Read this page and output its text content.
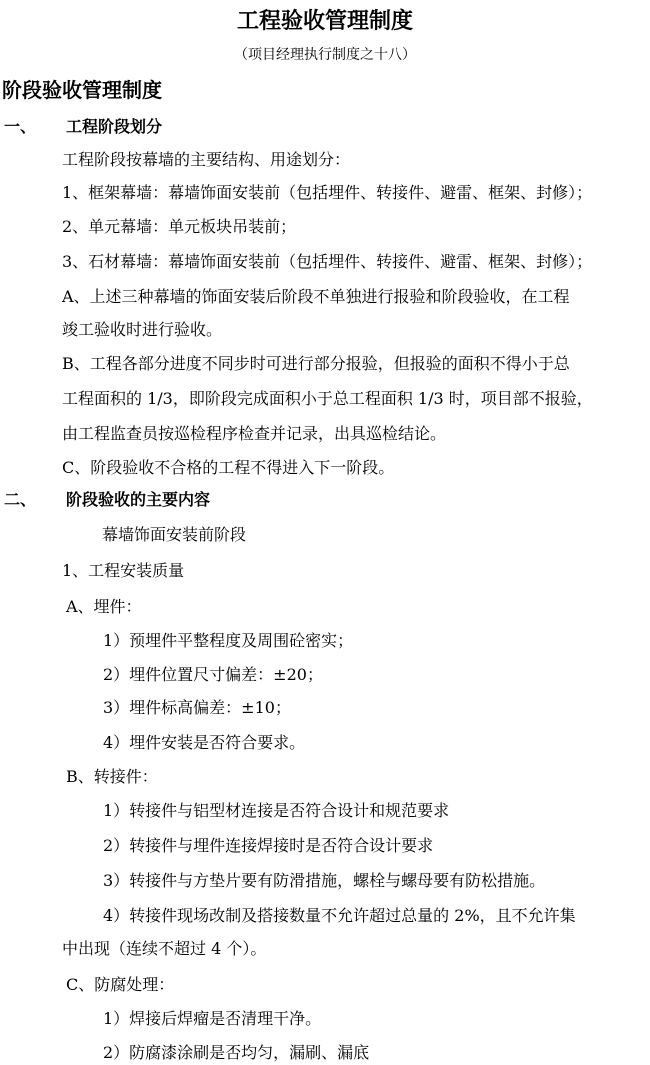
工程验收管理制度
（项目经理执行制度之十八）
阶段验收管理制度
一、 工程阶段划分
工程阶段按幕墙的主要结构、用途划分：
1、框架幕墙：幕墙饰面安装前（包括埋件、转接件、避雷、框架、封修）；
2、单元幕墙：单元板块吊装前；
3、石材幕墙：幕墙饰面安装前（包括埋件、转接件、避雷、框架、封修）；
A、上述三种幕墙的饰面安装后阶段不单独进行报验和阶段验收，在工程
竣工验收时进行验收。
B、工程各部分进度不同步时可进行部分报验，但报验的面积不得小于总
工程面积的 1/3，即阶段完成面积小于总工程面积 1/3 时，项目部不报验，
由工程监查员按巡检程序检查并记录，出具巡检结论。
C、阶段验收不合格的工程不得进入下一阶段。
二、 阶段验收的主要内容
幕墙饰面安装前阶段
1、工程安装质量
A、埋件：
1）预埋件平整程度及周围砼密实；
2）埋件位置尺寸偏差：±20；
3）埋件标高偏差：±10；
4）埋件安装是否符合要求。
B、转接件：
1）转接件与铝型材连接是否符合设计和规范要求
2）转接件与埋件连接焊接时是否符合设计要求
3）转接件与方垫片要有防滑措施，螺栓与螺母要有防松措施。
4）转接件现场改制及搭接数量不允许超过总量的 2%，且不允许集
中出现（连续不超过 4 个）。
C、防腐处理：
1）焊接后焊瘤是否清理干净。
2）防腐漆涂刷是否均匀，漏刷、漏底
